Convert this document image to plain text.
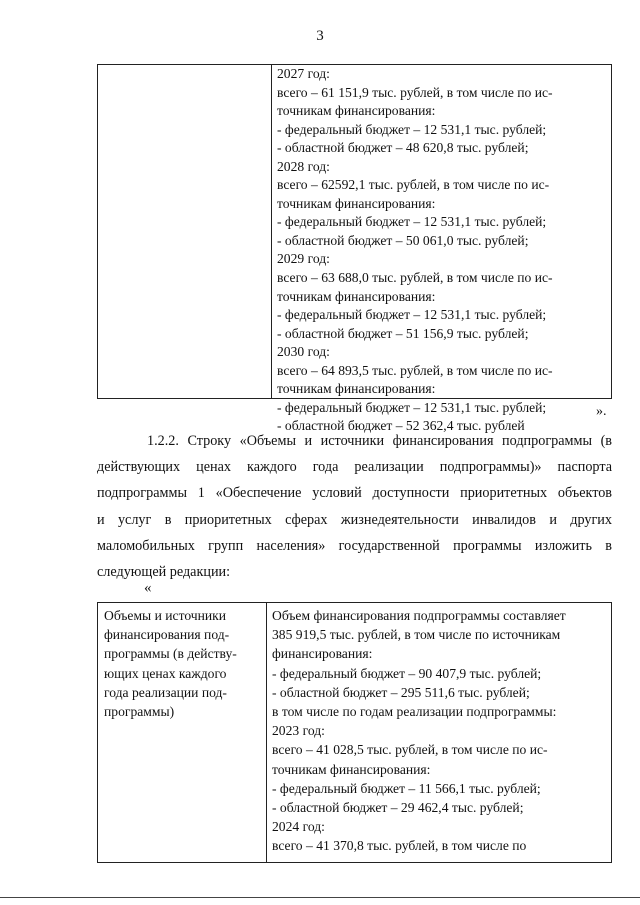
3
2027 год:
всего – 61 151,9 тыс. рублей, в том числе по ис-
точникам финансирования:
- федеральный бюджет – 12 531,1 тыс. рублей;
- областной бюджет – 48 620,8 тыс. рублей;
2028 год:
всего – 62592,1 тыс. рублей, в том числе по ис-
точникам финансирования:
- федеральный бюджет – 12 531,1 тыс. рублей;
- областной бюджет – 50 061,0 тыс. рублей;
2029 год:
всего – 63 688,0 тыс. рублей, в том числе по ис-
точникам финансирования:
- федеральный бюджет – 12 531,1 тыс. рублей;
- областной бюджет – 51 156,9 тыс. рублей;
2030 год:
всего – 64 893,5 тыс. рублей, в том числе по ис-
точникам финансирования:
- федеральный бюджет – 12 531,1 тыс. рублей;
- областной бюджет – 52 362,4 тыс. рублей
».
1.2.2. Строку «Объемы и источники финансирования подпрограммы (в
действующих ценах каждого года реализации подпрограммы)» паспорта
подпрограммы 1 «Обеспечение условий доступности приоритетных объектов
и услуг в приоритетных сферах жизнедеятельности инвалидов и других
маломобильных групп населения» государственной программы изложить в
следующей редакции:
«
Объемы и источники
финансирования под-
программы (в действу-
ющих ценах каждого
года реализации под-
программы)
Объем финансирования подпрограммы составляет
385 919,5 тыс. рублей, в том числе по источникам
финансирования:
- федеральный бюджет – 90 407,9 тыс. рублей;
- областной бюджет – 295 511,6 тыс. рублей;
в том числе по годам реализации подпрограммы:
2023 год:
всего – 41 028,5 тыс. рублей, в том числе по ис-
точникам финансирования:
- федеральный бюджет – 11 566,1 тыс. рублей;
- областной бюджет – 29 462,4 тыс. рублей;
2024 год:
всего – 41 370,8 тыс. рублей, в том числе по
